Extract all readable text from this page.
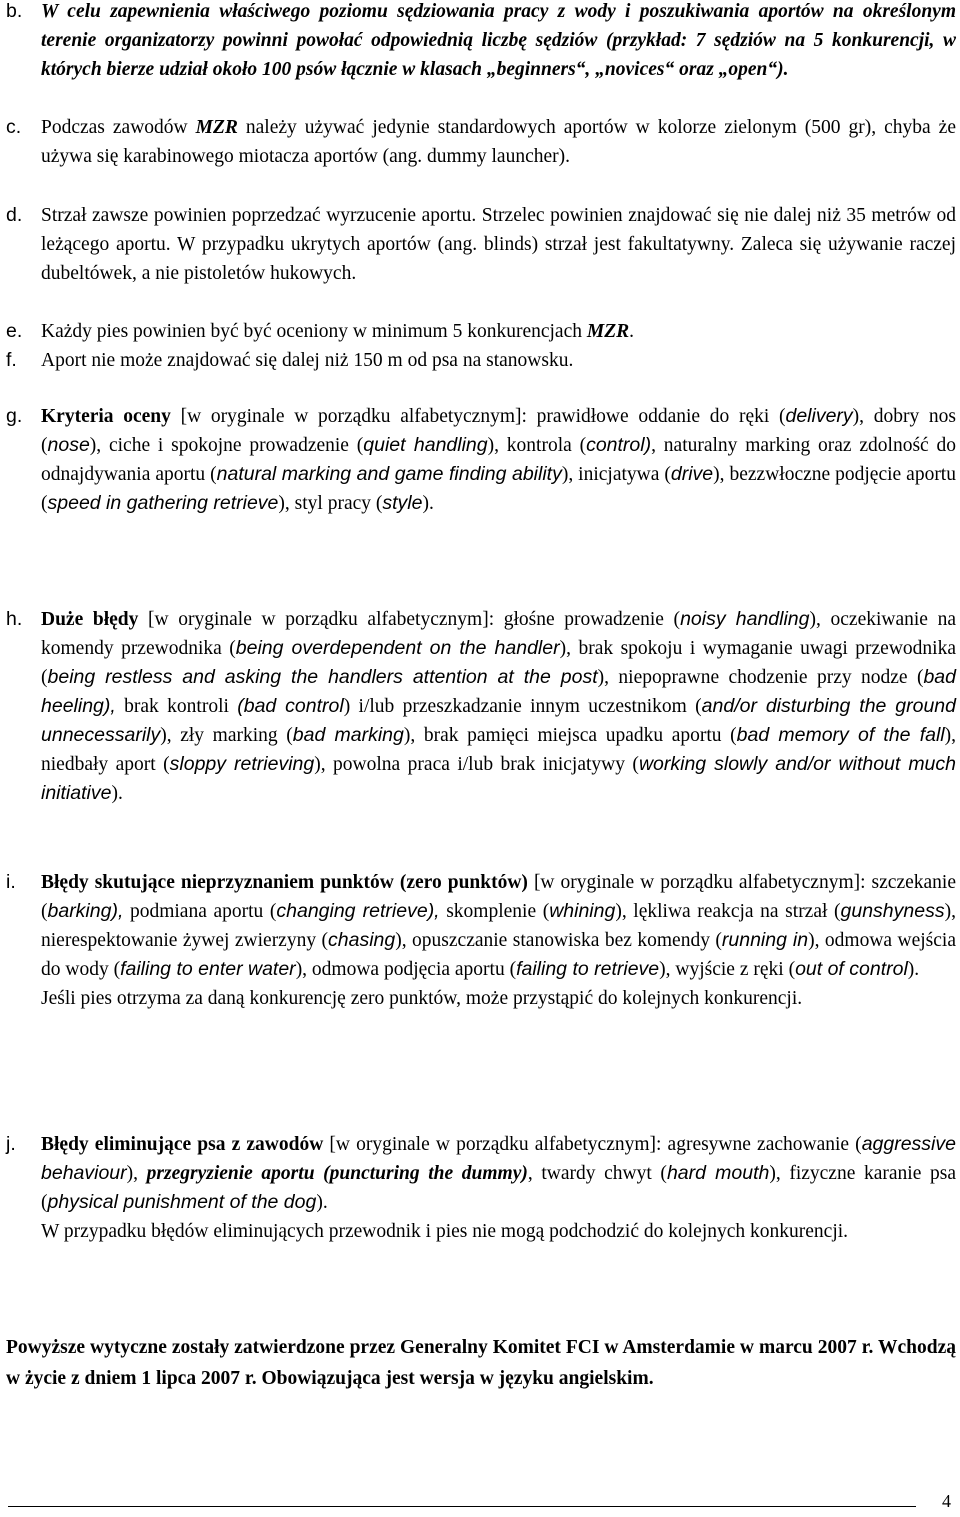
b. W celu zapewnienia właściwego poziomu sędziowania pracy z wody i poszukiwania aportów na określonym terenie organizatorzy powinni powołać odpowiednią liczbę sędziów (przykład: 7 sędziów na 5 konkurencji, w których bierze udział około 100 psów łącznie w klasach „beginners“, „novices“ oraz „open“).

c. Podczas zawodów MZR należy używać jedynie standardowych aportów w kolorze zielonym (500 gr), chyba że używa się karabinowego miotacza aportów (ang. dummy launcher).

d. Strzał zawsze powinien poprzedzać wyrzucenie aportu. Strzelec powinien znajdować się nie dalej niż 35 metrów od leżącego aportu. W przypadku ukrytych aportów (ang. blinds) strzał jest fakultatywny. Zaleca się używanie raczej dubeltówek, a nie pistoletów hukowych.

e. Każdy pies powinien być być oceniony w minimum 5 konkurencjach MZR.

f. Aport nie może znajdować się dalej niż 150 m od psa na stanowsku.

g. Kryteria oceny [w oryginale w porządku alfabetycznym]: prawidłowe oddanie do ręki (delivery), dobry nos (nose), ciche i spokojne prowadzenie (quiet handling), kontrola (control), naturalny marking oraz zdolność do odnajdywania aportu (natural marking and game finding ability), inicjatywa (drive), bezzwłoczne podjęcie aportu (speed in gathering retrieve), styl pracy (style).

h. Duże błędy [w oryginale w porządku alfabetycznym]: głośne prowadzenie (noisy handling), oczekiwanie na komendy przewodnika (being overdependent on the handler), brak spokoju i wymaganie uwagi przewodnika (being restless and asking the handlers attention at the post), niepoprawne chodzenie przy nodze (bad heeling), brak kontroli (bad control) i/lub przeszkadzanie innym uczestnikom (and/or disturbing the ground unnecessarily), zły marking (bad marking), brak pamięci miejsca upadku aportu (bad memory of the fall), niedbały aport (sloppy retrieving), powolna praca i/lub brak inicjatywy (working slowly and/or without much initiative).

i. Błędy skutujące nieprzyznaniem punktów (zero punktów) [w oryginale w porządku alfabetycznym]: szczekanie (barking), podmiana aportu (changing retrieve), skomplenie (whining), lękliwa reakcja na strzał (gunshyness), nierespektowanie żywej zwierzyny (chasing), opuszczanie stanowiska bez komendy (running in), odmowa wejścia do wody (failing to enter water), odmowa podjęcia aportu (failing to retrieve), wyjście z ręki (out of control).

Jeśli pies otrzyma za daną konkurencję zero punktów, może przystąpić do kolejnych konkurencji.

j. Błędy eliminujące psa z zawodów [w oryginale w porządku alfabetycznym]: agresywne zachowanie (aggressive behaviour), przegryzienie aportu (puncturing the dummy), twardy chwyt (hard mouth), fizyczne karanie psa (physical punishment of the dog).

W przypadku błędów eliminujących przewodnik i pies nie mogą podchodzić do kolejnych konkurencji.

Powyższe wytyczne zostały zatwierdzone przez Generalny Komitet FCI w Amsterdamie w marcu 2007 r. Wchodzą w życie z dniem 1 lipca 2007 r. Obowiązująca jest wersja w języku angielskim.

4
